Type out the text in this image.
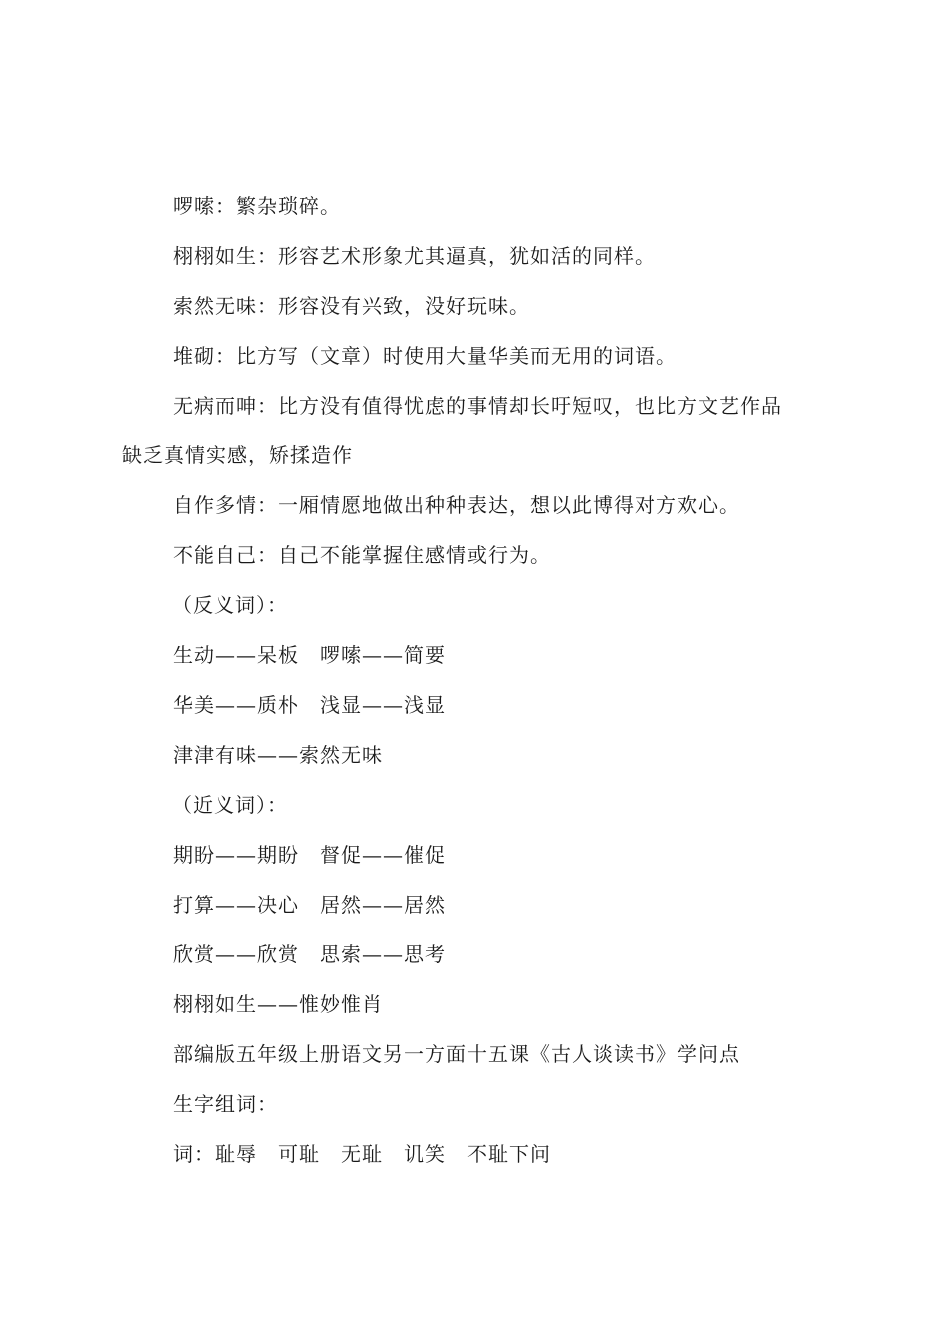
啰嗦：繁杂琐碎。
栩栩如生：形容艺术形象尤其逼真，犹如活的同样。
索然无味：形容没有兴致，没好玩味。
堆砌：比方写（文章）时使用大量华美而无用的词语。
无病而呻：比方没有值得忧虑的事情却长吁短叹，也比方文艺作品
缺乏真情实感，矫揉造作
自作多情：一厢情愿地做出种种表达，想以此博得对方欢心。
不能自己：自己不能掌握住感情或行为。
（反义词）：
生动——呆板　啰嗦——简要
华美——质朴　浅显——浅显
津津有味——索然无味
（近义词）：
期盼——期盼　督促——催促
打算——决心　居然——居然
欣赏——欣赏　思索——思考
栩栩如生——惟妙惟肖
部编版五年级上册语文另一方面十五课《古人谈读书》学问点
生字组词：
词：耻辱　可耻　无耻　讥笑　不耻下问
